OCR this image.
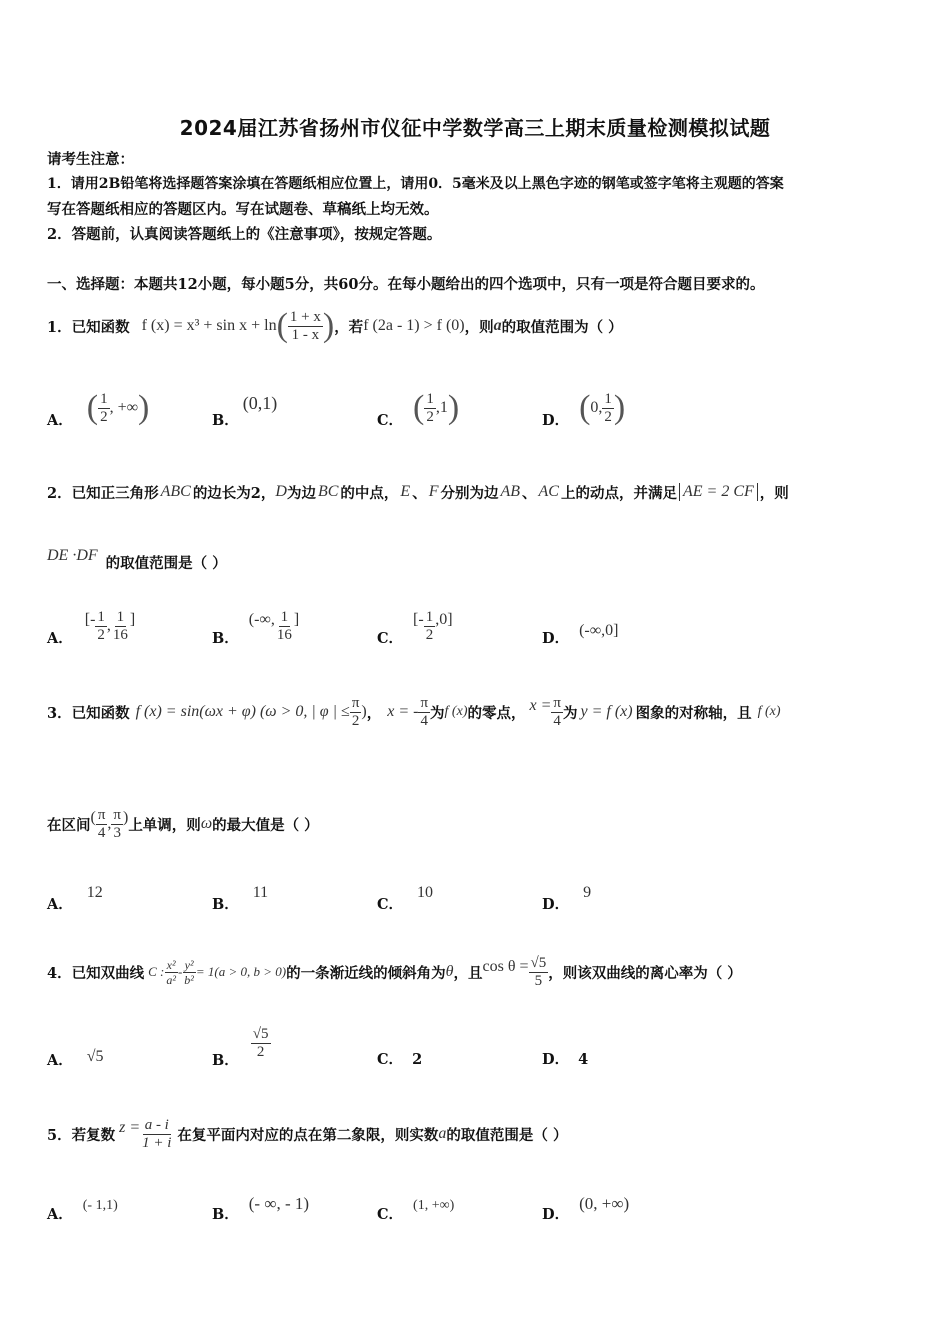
2024届江苏省扬州市仪征中学数学高三上期末质量检测模拟试题
请考生注意：
1．请用2B铅笔将选择题答案涂填在答题纸相应位置上，请用0．5毫米及以上黑色字迹的钢笔或签字笔将主观题的答案
写在答题纸相应的答题区内。写在试题卷、草稿纸上均无效。
2．答题前，认真阅读答题纸上的《注意事项》，按规定答题。
一、选择题：本题共12小题，每小题5分，共60分。在每小题给出的四个选项中，只有一项是符合题目要求的。
1．已知函数 f (x) = x³ + sin x + ln ( $\frac{1 + x}{1 - x}$ ) ，若 f (2a - 1) > f (0) ，则 a 的取值范围为（ ）
A． ( $\frac{1}{2}$ , +∞ )	B．
(0,1)
C． ( $\frac{1}{2} ,1$ )	D． ( 0, $\frac{1}{2}$ )
2．已知正三角形 ABC 的边长为2， D 为边 BC 的中点， E 、 F 分别为边 AB 、 AC 上的动点，并满足 AE = 2 CF ，则
DE ·DF 的取值范围是（ ）
A．
[- $\frac{1}{2}$ , $\frac{1}{16}$ ]
B．
(-∞, $\frac{1}{16}$ ]
C．
[- $\frac{1}{2} ,0$]
D． (-∞,0]
3．已知函数 f (x) = sin(ωx + φ) (ω > 0, | φ | ≤ $\frac{\pi}{2}$ ) ， x = - $\frac{\pi}{4}$ 为 f (x) 的零点， $x = \frac{\pi}{4}$ 为 y = f (x) 图象的对称轴，且 f (x)
在区间 ( $\frac{\pi}{4}$ , $\frac{\pi}{3}$ ) 上单调，则 ω 的最大值是（ ）
A．
12
B．
11
C．
10
D．
9
4．已知双曲线 C : $\frac{\text{x²}}{\text{a²}} - \frac{\text{y²}}{\text{b²}} = 1(a > 0$, b > 0) 的一条渐近线的倾斜角为 θ ，且 $\cos \theta = \frac{√5}{5}$ ，则该双曲线的离心率为（ ）
A． √5	B． $\frac{√5}{2}$	C． 2	D． 4
5．若复数 $z = \frac{a - i}{1 + i}$ 在复平面内对应的点在第二象限，则实数 a 的取值范围是（ ）
A．
(- 1,1)
B．
(- ∞, - 1)
C．
(1, +∞)
D．
(0, +∞)
